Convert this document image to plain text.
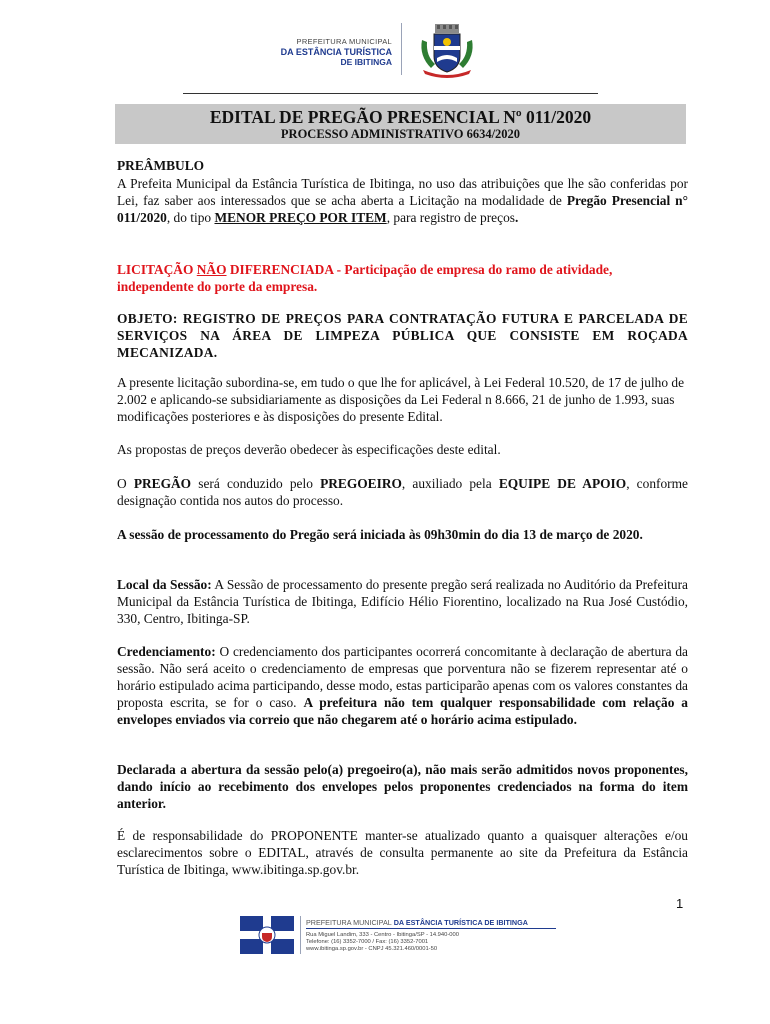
PREFEITURA MUNICIPAL
DA ESTÂNCIA TURÍSTICA
DE IBITINGA
EDITAL DE PREGÃO PRESENCIAL Nº 011/2020
PROCESSO ADMINISTRATIVO 6634/2020
PREÂMBULO
A Prefeita Municipal da Estância Turística de Ibitinga, no uso das atribuições que lhe são conferidas por Lei, faz saber aos interessados que se acha aberta a Licitação na modalidade de Pregão Presencial n° 011/2020, do tipo MENOR PREÇO POR ITEM, para registro de preços.
LICITAÇÃO NÃO DIFERENCIADA - Participação de empresa do ramo de atividade, independente do porte da empresa.
OBJETO: REGISTRO DE PREÇOS PARA CONTRATAÇÃO FUTURA E PARCELADA DE SERVIÇOS NA ÁREA DE LIMPEZA PÚBLICA QUE CONSISTE EM ROÇADA MECANIZADA.
A presente licitação subordina-se, em tudo o que lhe for aplicável, à Lei Federal 10.520, de 17 de julho de 2.002 e aplicando-se subsidiariamente as disposições da Lei Federal n 8.666, 21 de junho de 1.993, suas modificações posteriores e às disposições do presente Edital.
As propostas de preços deverão obedecer às especificações deste edital.
O PREGÃO será conduzido pelo PREGOEIRO, auxiliado pela EQUIPE DE APOIO, conforme designação contida nos autos do processo.
A sessão de processamento do Pregão será iniciada às 09h30min do dia 13 de março de 2020.
Local da Sessão: A Sessão de processamento do presente pregão será realizada no Auditório da Prefeitura Municipal da Estância Turística de Ibitinga, Edifício Hélio Fiorentino, localizado na Rua José Custódio, 330, Centro, Ibitinga-SP.
Credenciamento: O credenciamento dos participantes ocorrerá concomitante à declaração de abertura da sessão. Não será aceito o credenciamento de empresas que porventura não se fizerem representar até o horário estipulado acima participando, desse modo, estas participarão apenas com os valores constantes da proposta escrita, se for o caso. A prefeitura não tem qualquer responsabilidade com relação a envelopes enviados via correio que não chegarem até o horário acima estipulado.
Declarada a abertura da sessão pelo(a) pregoeiro(a), não mais serão admitidos novos proponentes, dando início ao recebimento dos envelopes pelos proponentes credenciados na forma do item anterior.
É de responsabilidade do PROPONENTE manter-se atualizado quanto a quaisquer alterações e/ou esclarecimentos sobre o EDITAL, através de consulta permanente ao site da Prefeitura da Estância Turística de Ibitinga, www.ibitinga.sp.gov.br.
1
PREFEITURA MUNICIPAL DA ESTÂNCIA TURÍSTICA DE IBITINGA
Rua Miguel Landim, 333 - Centro - Ibitinga/SP - 14.940-000
Telefone: (16) 3352-7000 / Fax: (16) 3352-7001
www.ibitinga.sp.gov.br - CNPJ 45.321.460/0001-50
